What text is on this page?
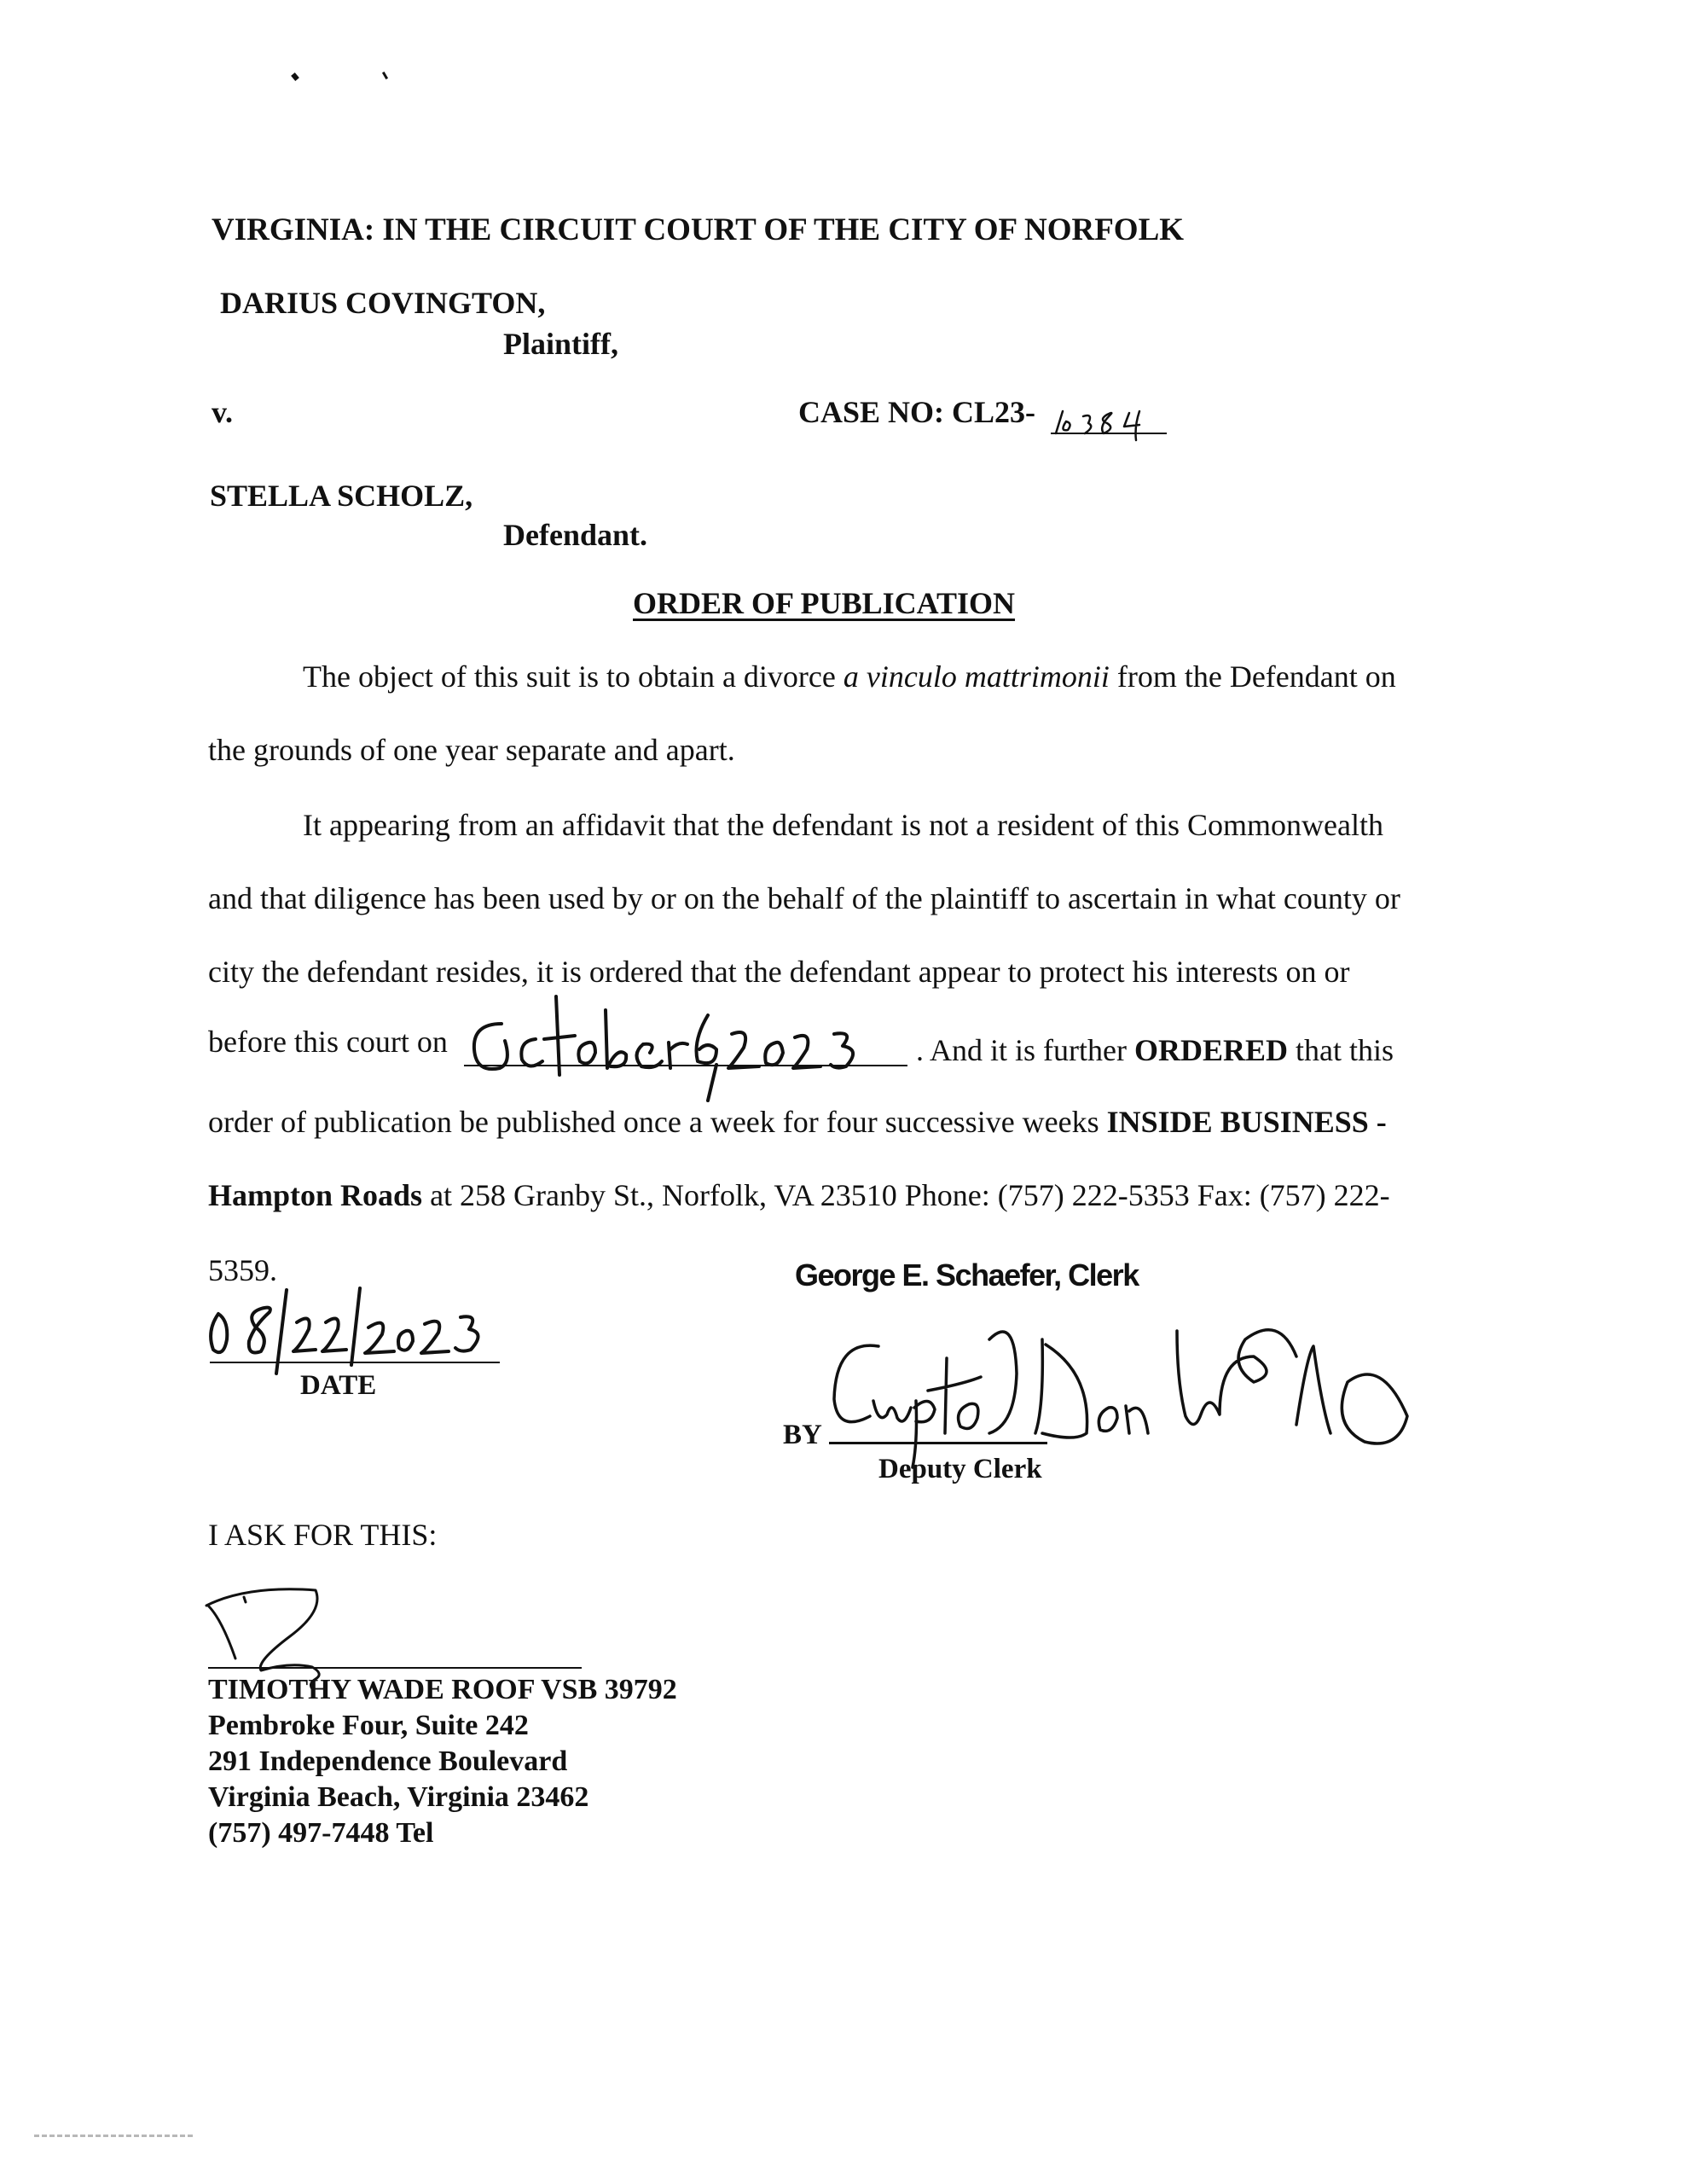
VIRGINIA: IN THE CIRCUIT COURT OF THE CITY OF NORFOLK
DARIUS COVINGTON,
Plaintiff,
v.	CASE NO: CL23-
STELLA SCHOLZ,
Defendant.
ORDER OF PUBLICATION
The object of this suit is to obtain a divorce a vinculo mattrimonii from the Defendant on
the grounds of one year separate and apart.
It appearing from an affidavit that the defendant is not a resident of this Commonwealth
and that diligence has been used by or on the behalf of the plaintiff to ascertain in what county or
city the defendant resides, it is ordered that the defendant appear to protect his interests on or
before this court on	. And it is further ORDERED that this
order of publication be published once a week for four successive weeks INSIDE BUSINESS -
Hampton Roads at 258 Granby St., Norfolk, VA 23510 Phone: (757) 222-5353 Fax: (757) 222-
5359.
DATE
George E. Schaefer, Clerk
BY
Deputy Clerk
I ASK FOR THIS:
TIMOTHY WADE ROOF VSB 39792
Pembroke Four, Suite 242
291 Independence Boulevard
Virginia Beach, Virginia 23462
(757) 497-7448 Tel
